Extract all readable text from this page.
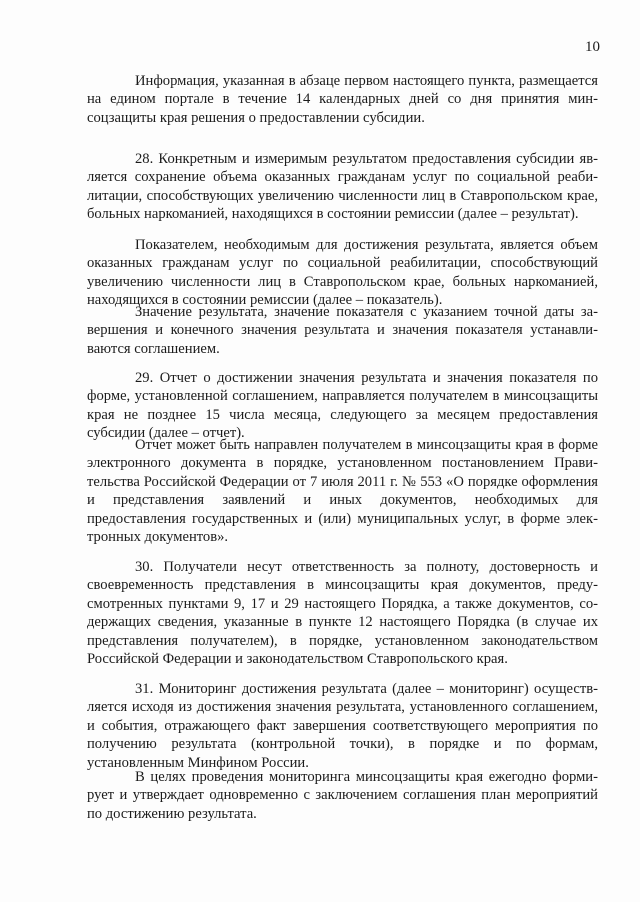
10

Информация, указанная в абзаце первом настоящего пункта, размещается на едином портале в течение 14 календарных дней со дня принятия минсоцзащиты края решения о предоставлении субсидии.

28. Конкретным и измеримым результатом предоставления субсидии является сохранение объема оказанных гражданам услуг по социальной реабилитации, способствующих увеличению численности лиц в Ставропольском крае, больных наркоманией, находящихся в состоянии ремиссии (далее – результат).

Показателем, необходимым для достижения результата, является объем оказанных гражданам услуг по социальной реабилитации, способствующий увеличению численности лиц в Ставропольском крае, больных наркоманией, находящихся в состоянии ремиссии (далее – показатель).

Значение результата, значение показателя с указанием точной даты завершения и конечного значения результата и значения показателя устанавливаются соглашением.

29. Отчет о достижении значения результата и значения показателя по форме, установленной соглашением, направляется получателем в минсоцзащиты края не позднее 15 числа месяца, следующего за месяцем предоставления субсидии (далее – отчет).

Отчет может быть направлен получателем в минсоцзащиты края в форме электронного документа в порядке, установленном постановлением Правительства Российской Федерации от 7 июля 2011 г. № 553 «О порядке оформления и представления заявлений и иных документов, необходимых для предоставления государственных и (или) муниципальных услуг, в форме электронных документов».

30. Получатели несут ответственность за полноту, достоверность и своевременность представления в минсоцзащиты края документов, предусмотренных пунктами 9, 17 и 29 настоящего Порядка, а также документов, содержащих сведения, указанные в пункте 12 настоящего Порядка (в случае их представления получателем), в порядке, установленном законодательством Российской Федерации и законодательством Ставропольского края.

31. Мониторинг достижения результата (далее – мониторинг) осуществляется исходя из достижения значения результата, установленного соглашением, и события, отражающего факт завершения соответствующего мероприятия по получению результата (контрольной точки), в порядке и по формам, установленным Минфином России.

В целях проведения мониторинга минсоцзащиты края ежегодно формирует и утверждает одновременно с заключением соглашения план мероприятий по достижению результата.
